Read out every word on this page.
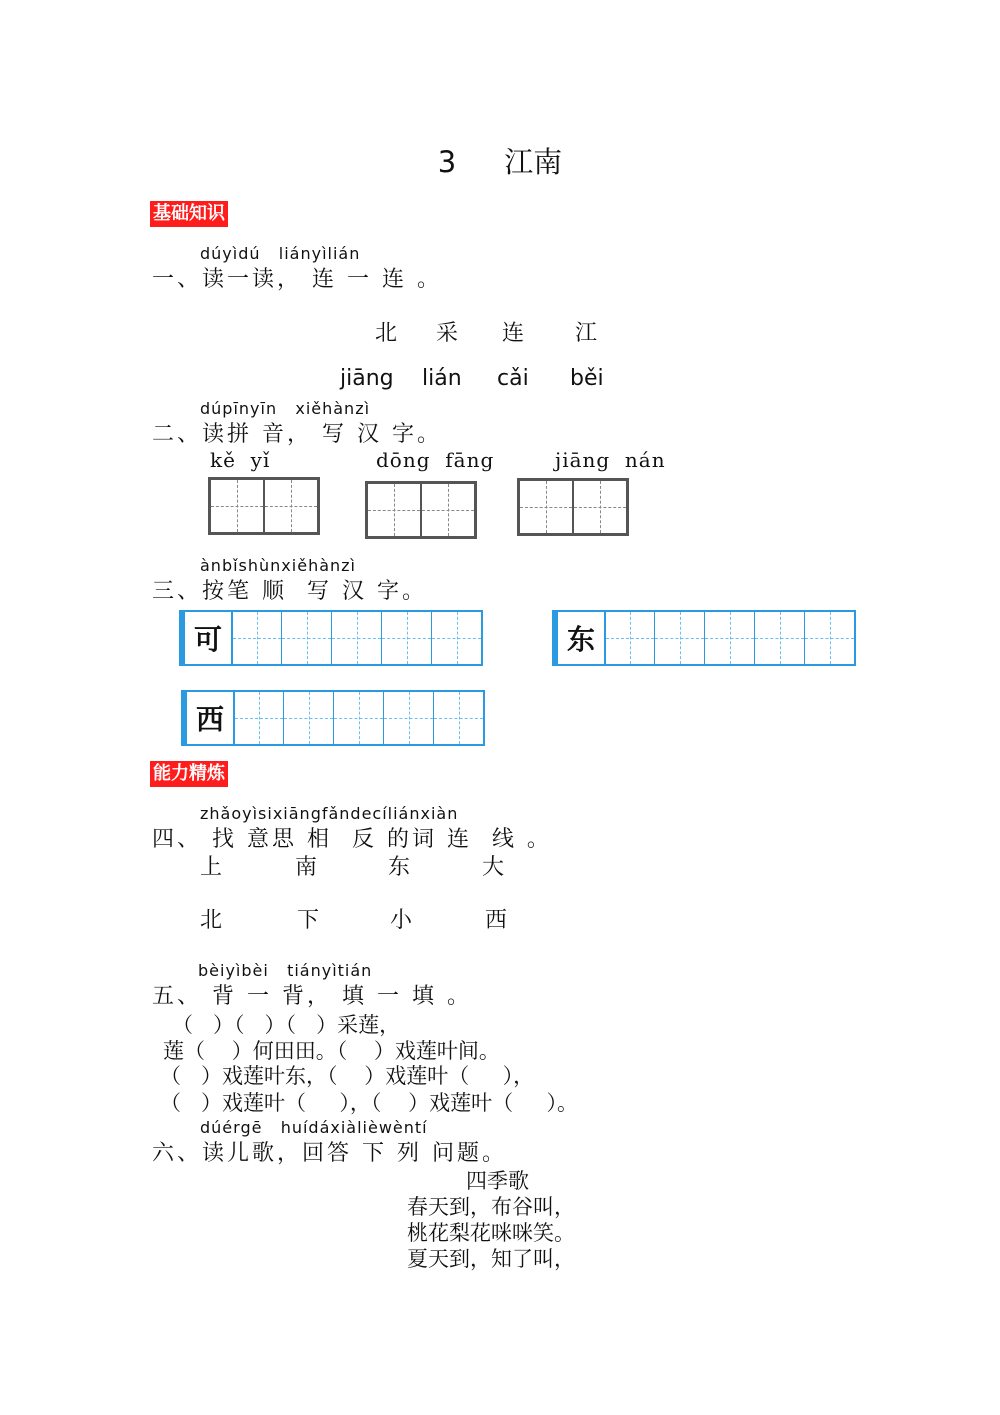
3 江南
基础知识
dúyìdú   liányìlián
一、读一读， 连 一 连 。
北 采 连 江
jiāng lián cǎi běi
dúpīnyīn   xiěhànzì
二、读拼 音， 写 汉 字。
kě  yǐ	dōng  fāng	jiāng  nán
ànbǐshùnxiěhànzì
三、按笔 顺  写 汉 字。
可	东
西
能力精炼
zhǎoyìsixiāngfǎndecíliánxiàn
四、 找 意思 相  反 的词 连  线 。
上	南	东	大
北	下	小	西
bèiyìbèi   tiányìtián
五、 背 一 背， 填 一 填 。
（   ）（   ）（   ）采莲，
莲（    ）何田田。（    ）戏莲叶间。
（   ）戏莲叶东，（    ）戏莲叶（     ），
（   ）戏莲叶（     ），（    ）戏莲叶（     ）。
dúérgē   huídáxiàlièwèntí
六、读儿歌，回答 下 列 问题。
四季歌
春天到，布谷叫，
桃花梨花咪咪笑。
夏天到，知了叫，
